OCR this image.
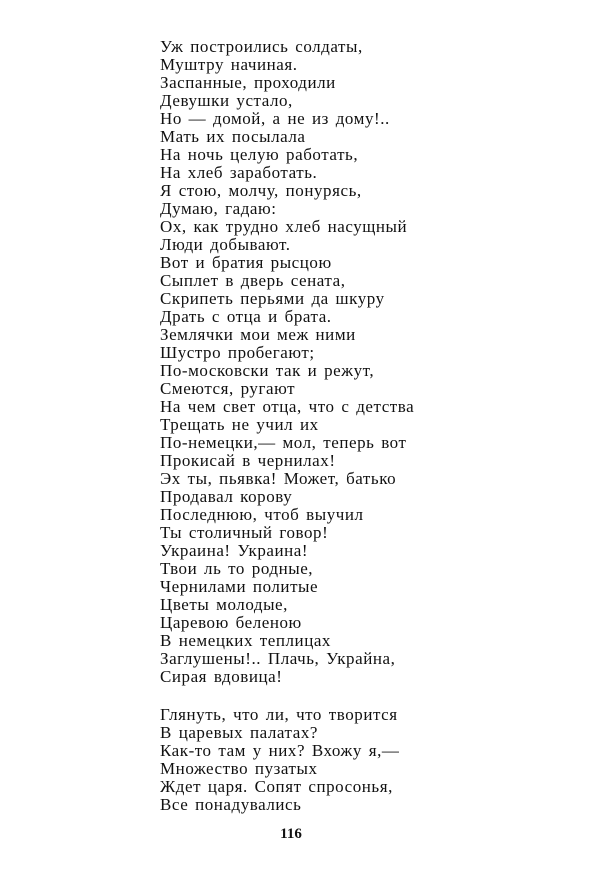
Уж построились солдаты,
Муштру начиная.
Заспанные, проходили
Девушки устало,
Но — домой, а не из дому!..
Мать их посылала
На ночь целую работать,
На хлеб заработать.
Я стою, молчу, понурясь,
Думаю, гадаю:
Ох, как трудно хлеб насущный
Люди добывают.
Вот и братия рысцою
Сыплет в дверь сената,
Скрипеть перьями да шкуру
Драть с отца и брата.
Землячки мои меж ними
Шустро пробегают;
По-московски так и режут,
Смеются, ругают
На чем свет отца, что с детства
Трещать не учил их
По-немецки,— мол, теперь вот
Прокисай в чернилах!
Эх ты, пьявка! Может, батько
Продавал корову
Последнюю, чтоб выучил
Ты столичный говор!
Украина! Украина!
Твои ль то родные,
Чернилами политые
Цветы молодые,
Царевою беленою
В немецких теплицах
Заглушены!.. Плачь, Украйна,
Сирая вдовица!
Глянуть, что ли, что творится
В царевых палатах?
Как-то там у них? Вхожу я,—
Множество пузатых
Ждет царя. Сопят спросонья,
Все понадувались
116
